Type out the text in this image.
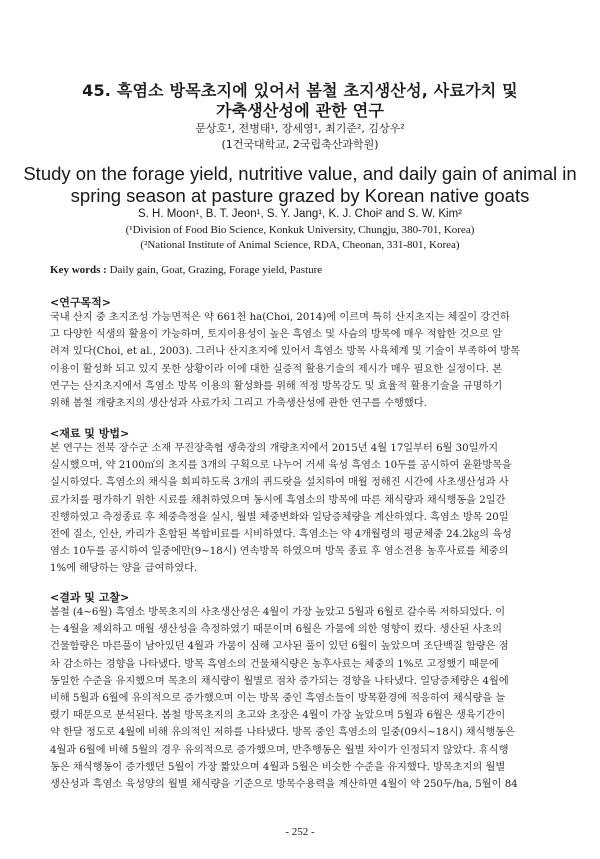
45. 흑염소 방목초지에 있어서 봄철 초지생산성, 사료가치 및
가축생산성에 관한 연구
문상호¹, 전병태¹, 장세영¹, 최기준², 김상우²
(1건국대학교, 2국립축산과학원)
Study on the forage yield, nutritive value, and daily gain of animal in
spring season at pasture grazed by Korean native goats
S. H. Moon¹, B. T. Jeon¹, S. Y. Jang¹, K. J. Choi² and S. W. Kim²
(¹Division of Food Bio Science, Konkuk University, Chungju, 380-701, Korea)
(²National Institute of Animal Science, RDA, Cheonan, 331-801, Korea)
Key words : Daily gain, Goat, Grazing, Forage yield, Pasture
<연구목적>
국내 산지 중 초지조성 가능면적은 약 661천 ha(Choi, 2014)에 이르며 특히 산지초지는 체질이 강건하
고 다양한 식생의 활용이 가능하며, 토지이용성이 높은 흑염소 및 사슴의 방목에 매우 적합한 것으로 알
려져 있다(Choi, et al., 2003). 그러나 산지초지에 있어서 흑염소 방목 사육체계 및 기술이 부족하여 방목
이용이 활성화 되고 있지 못한 상황이라 이에 대한 실증적 활용기술의 제시가 매우 필요한 실정이다. 본
연구는 산지초지에서 흑염소 방목 이용의 활성화를 위해 적정 방목강도 및 효율적 활용기술을 규명하기
위해 봄철 개량초지의 생산성과 사료가치 그리고 가축생산성에 관한 연구를 수행했다.
<재료 및 방법>
본 연구는 전북 장수군 소재 무진장축협 생축장의 개량초지에서 2015년 4월 17일부터 6월 30일까지
실시했으며, 약 2100㎡의 초지를 3개의 구획으로 나누어 거세 육성 흑염소 10두를 공시하여 윤환방목을
실시하였다. 흑염소의 채식을 회피하도록 3개의 퀴드랏을 설치하여 매월 정해진 시간에 사초생산성과 사
료가치를 평가하기 위한 시료를 채취하였으며 동시에 흑염소의 방목에 따른 채식량과 채식행동을 2일간
진행하였고 측정종료 후 체중측정을 실시, 월별 체중변화와 일당증체량을 계산하였다. 흑염소 방목 20일
전에 질소, 인산, 카리가 혼합된 복합비료를 시비하였다. 흑염소는 약 4개월령의 평균체중 24.2㎏의 육성
염소 10두를 공시하여 일중에만(9~18시) 연속방목 하였으며 방목 종료 후 염소전용 농후사료를 체중의
1%에 해당하는 양을 급여하였다.
<결과 및 고찰>
봄철 (4~6월) 흑염소 방목초지의 사초생산성은 4월이 가장 높았고 5월과 6월로 갈수록 저하되었다. 이
는 4월을 제외하고 매월 생산성을 측정하였기 때문이며 6월은 가뭄에 의한 영향이 컸다. 생산된 사초의
건물함량은 마른풀이 남아있던 4월과 가뭄이 심해 고사된 풀이 있던 6월이 높았으며 조단백질 함량은 점
차 감소하는 경향을 나타냈다. 방목 흑염소의 건물채식량은 농후사료는 체중의 1%로 고정했기 때문에
동일한 수준을 유지했으며 목초의 채식량이 월별로 점차 증가되는 경향을 나타냈다. 일당증체량은 4월에
비해 5월과 6월에 유의적으로 증가했으며 이는 방목 중인 흑염소들이 방목환경에 적응하여 채식량을 늘
렸기 때문으로 분석된다. 봄철 방목초지의 초고와 초장은 4월이 가장 높았으며 5월과 6월은 생육기간이
약 한달 정도로 4월에 비해 유의적인 저하를 나타냈다. 방목 중인 흑염소의 일중(09시~18시) 채식행동은
4월과 6월에 비해 5월의 경우 유의적으로 증가했으며, 반추행동은 월별 차이가 인정되지 않았다. 휴식행
동은 채식행동이 증가했던 5월이 가장 짧았으며 4월과 5월은 비슷한 수준을 유지했다. 방목초지의 월별
생산성과 흑염소 육성양의 월별 채식량을 기준으로 방목수용력을 계산하면 4월이 약 250두/ha, 5월이 84
- 252 -
